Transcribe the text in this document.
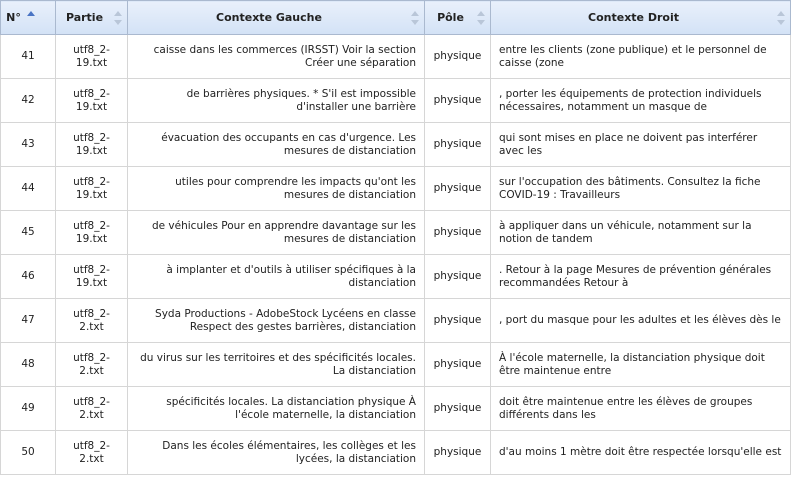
N°	Partie	Contexte Gauche	Pôle	Contexte Droit

41	utf8_2-19.txt	caisse dans les commerces (IRSST) Voir la section Créer une séparation	physique	entre les clients (zone publique) et le personnel de caisse (zone
42	utf8_2-19.txt	de barrières physiques. * S'il est impossible d'installer une barrière	physique	, porter les équipements de protection individuels nécessaires, notamment un masque de
43	utf8_2-19.txt	évacuation des occupants en cas d'urgence. Les mesures de distanciation	physique	qui sont mises en place ne doivent pas interférer avec les
44	utf8_2-19.txt	utiles pour comprendre les impacts qu'ont les mesures de distanciation	physique	sur l'occupation des bâtiments. Consultez la fiche COVID-19 : Travailleurs
45	utf8_2-19.txt	de véhicules Pour en apprendre davantage sur les mesures de distanciation	physique	à appliquer dans un véhicule, notamment sur la notion de tandem
46	utf8_2-19.txt	à implanter et d'outils à utiliser spécifiques à la distanciation	physique	. Retour à la page Mesures de prévention générales recommandées Retour à
47	utf8_2-2.txt	Syda Productions - AdobeStock Lycéens en classe Respect des gestes barrières, distanciation	physique	, port du masque pour les adultes et les élèves dès le
48	utf8_2-2.txt	du virus sur les territoires et des spécificités locales. La distanciation	physique	À l'école maternelle, la distanciation physique doit être maintenue entre
49	utf8_2-2.txt	spécificités locales. La distanciation physique À l'école maternelle, la distanciation	physique	doit être maintenue entre les élèves de groupes différents dans les
50	utf8_2-2.txt	Dans les écoles élémentaires, les collèges et les lycées, la distanciation	physique	d'au moins 1 mètre doit être respectée lorsqu'elle est
